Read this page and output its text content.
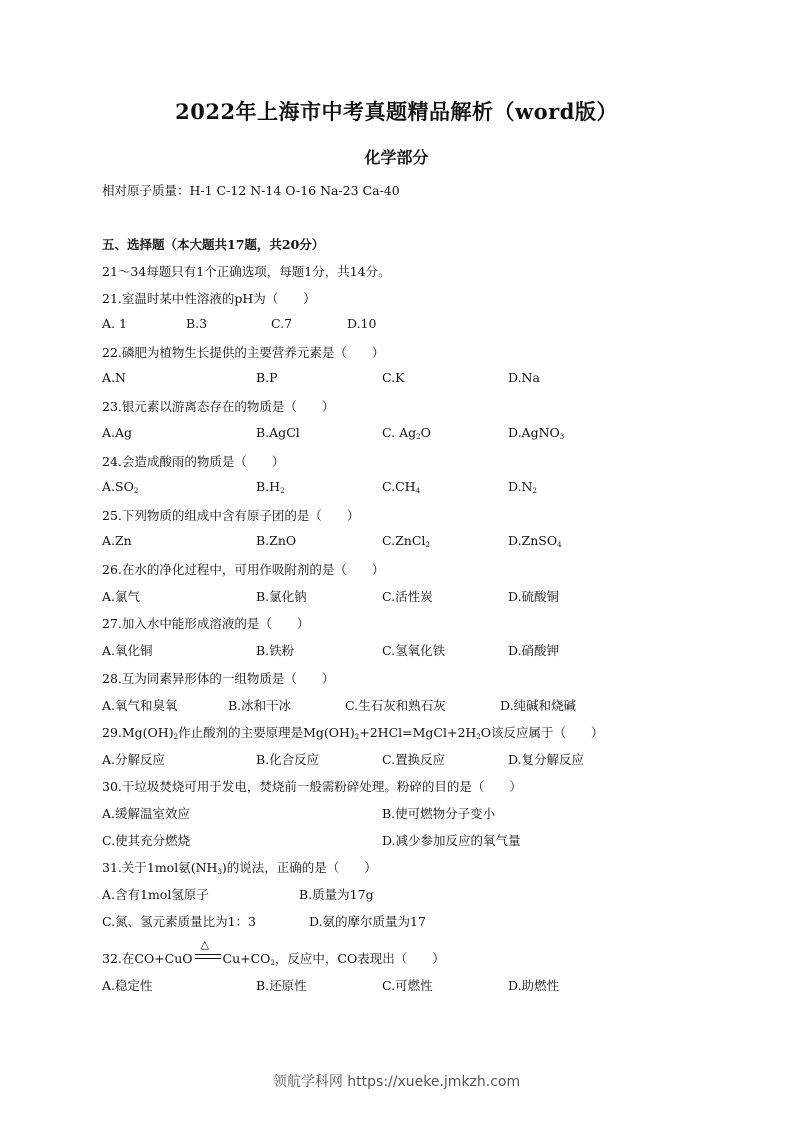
2022年上海市中考真题精品解析（word版）
化学部分
相对原子质量：H-1 C-12 N-14 O-16 Na-23 Ca-40
五、选择题（本大题共17题，共20分）
21～34每题只有1个正确选项，每题1分，共14分。
21.室温时某中性溶液的pH为（　　）
A. 1	B.3	C.7	D.10
22.磷肥为植物生长提供的主要营养元素是（　　）
A.N	B.P	C.K	D.Na
23.银元素以游离态存在的物质是（　　）
A.Ag	B.AgCl	C. $Ag_2O$	D.AgNO$_3$
24.会造成酸雨的物质是（　　）
$A.SO_2$	$B.H_2$	$C.CH_4$	$D.N_2$
25.下列物质的组成中含有原子团的是（　　）
A.Zn	B.ZnO	C.ZnCl$_2$	D.ZnSO$_4$
26.在水的净化过程中，可用作吸附剂的是（　　）
A.氯气	B.氯化钠	C.活性炭	D.硫酸铜
27.加入水中能形成溶液的是（　　）
A.氧化铜	B.铁粉	C.氢氧化铁	D.硝酸钾
28.互为同素异形体的一组物质是（　　）
A.氧气和臭氧	B.冰和干冰	C.生石灰和熟石灰	D.纯碱和烧碱
$29.Mg(OH)_2$作止酸剂的主要原理是$Mg(OH)_2+2HCl=MgCl+2H_2O$该反应属于（　　）
A.分解反应	B.化合反应	C.置换反应	D.复分解反应
30.干垃圾焚烧可用于发电，焚烧前一般需粉碎处理。粉碎的目的是（　　）
A.缓解温室效应	B.使可燃物分子变小
C.使其充分燃烧	D.减少参加反应的氧气量
31.关于1mol氨$(NH_3)$的说法，正确的是（　　）
A.含有1mol氢原子	B.质量为17g
C.氮、氢元素质量比为1：3	D.氨的摩尔质量为17
32.在CO+CuO
△
$Cu+CO_2$，反应中，CO表现出（　　）
A.稳定性	B.还原性	C.可燃性	D.助燃性
领航学科网 https://xueke.jmkzh.com
